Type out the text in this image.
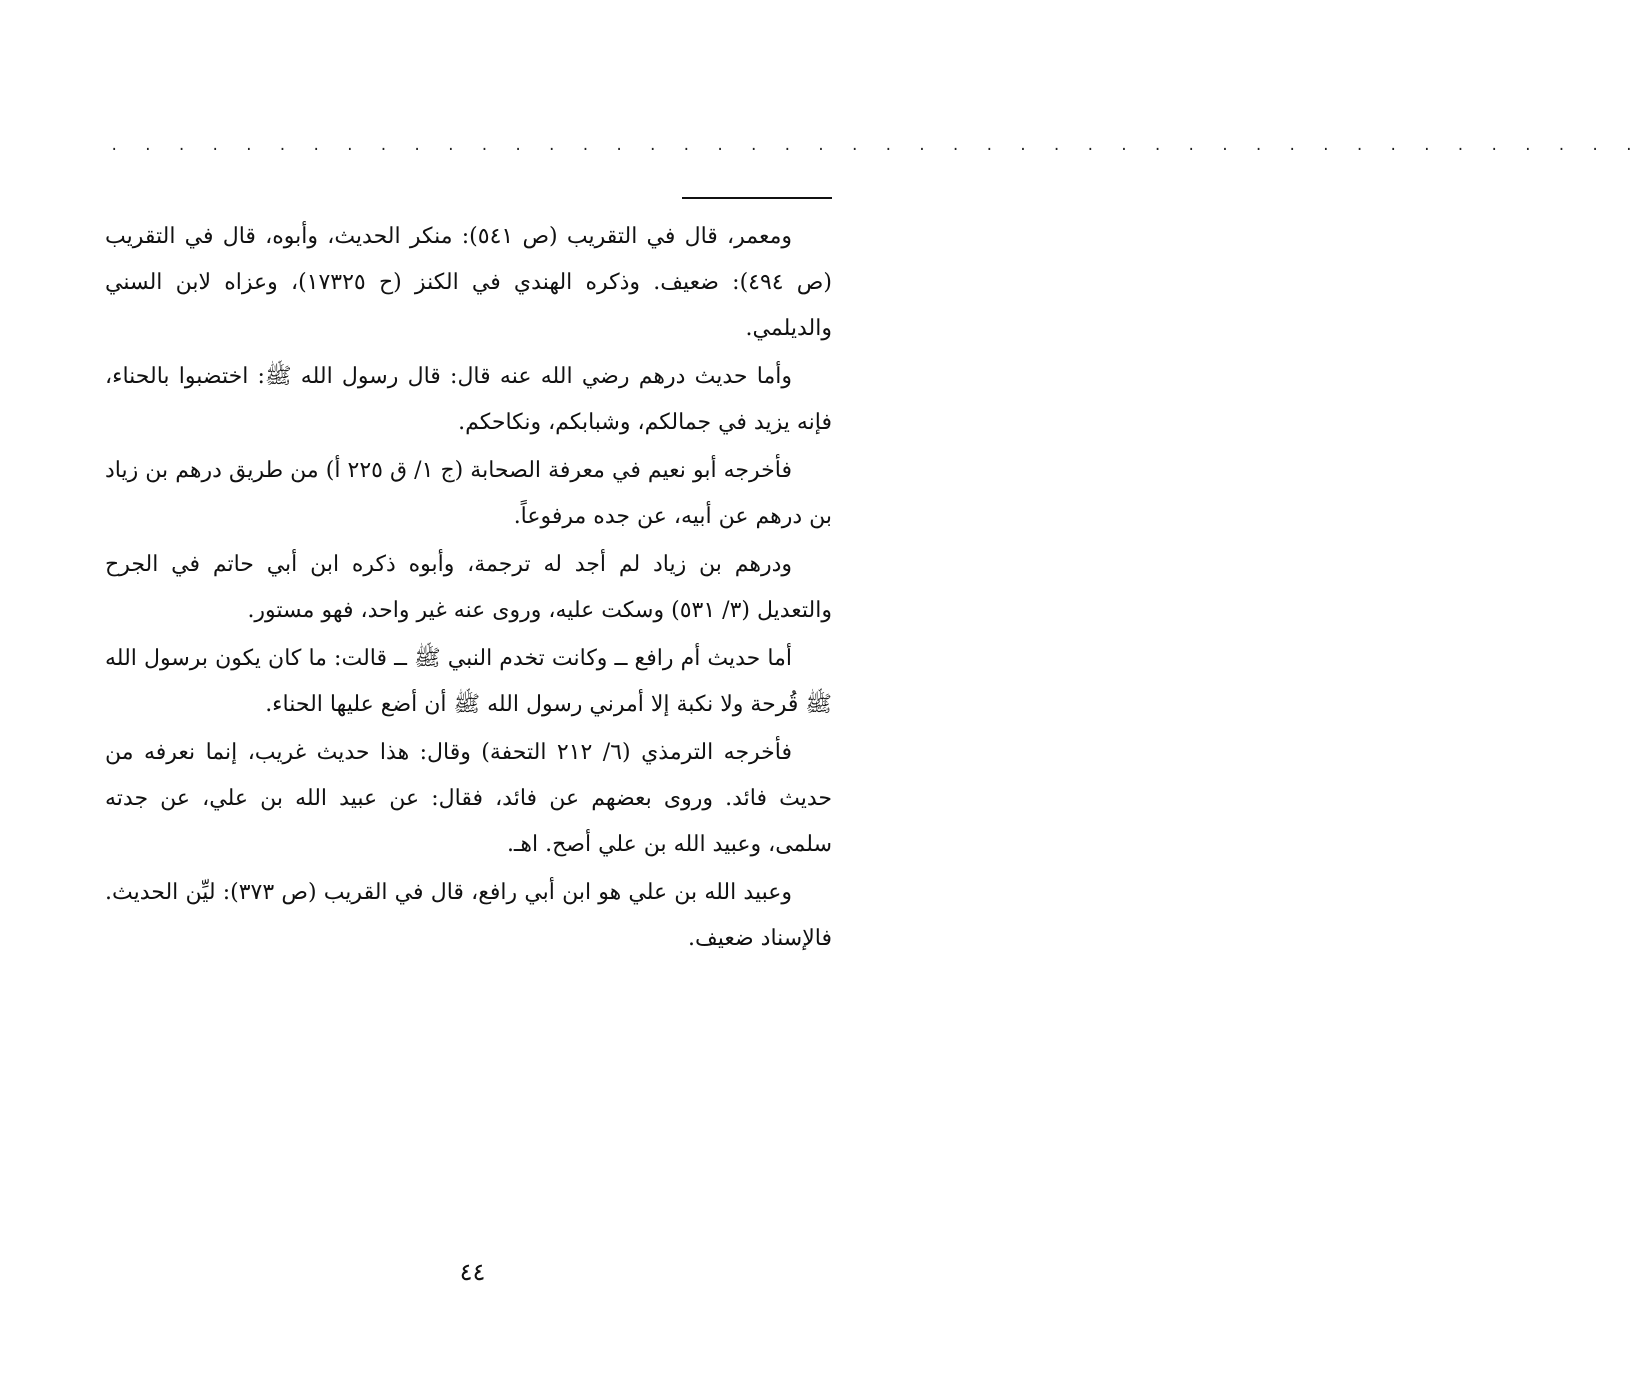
. . . . . . . . . . . . . . . . . . . . . . . . . . . . . . . . . . . . . . . . . . . . . .

ومعمر، قال في التقريب (ص ٥٤١): منكر الحديث، وأبوه، قال في التقريب (ص ٤٩٤): ضعيف. وذكره الهندي في الكنز (ح ١٧٣٢٥)، وعزاه لابن السني والديلمي.

وأما حديث درهم رضي الله عنه قال: قال رسول الله ﷺ: اختضبوا بالحناء، فإنه يزيد في جمالكم، وشبابكم، ونكاحكم.

فأخرجه أبو نعيم في معرفة الصحابة (ج ١/ ق ٢٢٥ أ) من طريق درهم بن زياد بن درهم عن أبيه، عن جده مرفوعاً.

ودرهم بن زياد لم أجد له ترجمة، وأبوه ذكره ابن أبي حاتم في الجرح والتعديل (٣/ ٥٣١) وسكت عليه، وروى عنه غير واحد، فهو مستور.

أما حديث أم رافع ــ وكانت تخدم النبي ﷺ ــ قالت: ما كان يكون برسول الله ﷺ قُرحة ولا نكبة إلا أمرني رسول الله ﷺ أن أضع عليها الحناء.

فأخرجه الترمذي (٦/ ٢١٢ التحفة) وقال: هذا حديث غريب، إنما نعرفه من حديث فائد. وروى بعضهم عن فائد، فقال: عن عبيد الله بن علي، عن جدته سلمى، وعبيد الله بن علي أصح. اهـ.

وعبيد الله بن علي هو ابن أبي رافع، قال في القريب (ص ٣٧٣): ليِّن الحديث. فالإسناد ضعيف.

٤٤
